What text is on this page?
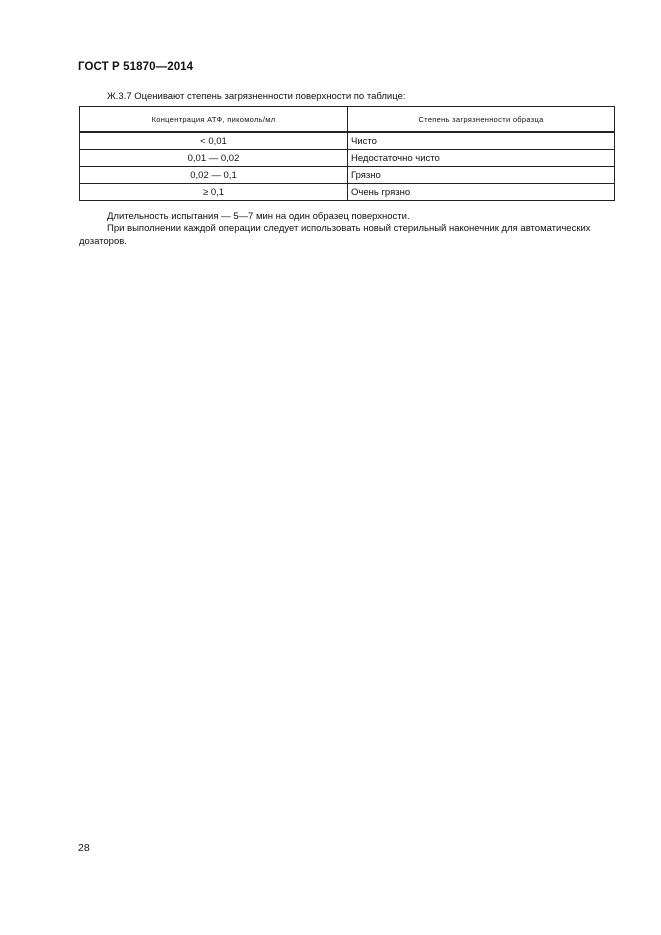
ГОСТ Р 51870—2014
Ж.3.7 Оценивают степень загрязненности поверхности по таблице:
Концентрация АТФ, пикомоль/мл	Степень загрязненности образца
< 0,01	Чисто
0,01 — 0,02	Недостаточно чисто
0,02 — 0,1	Грязно
≥ 0,1	Очень грязно
Длительность испытания — 5—7 мин на один образец поверхности.
При выполнении каждой операции следует использовать новый стерильный наконечник для автоматических дозаторов.
28
